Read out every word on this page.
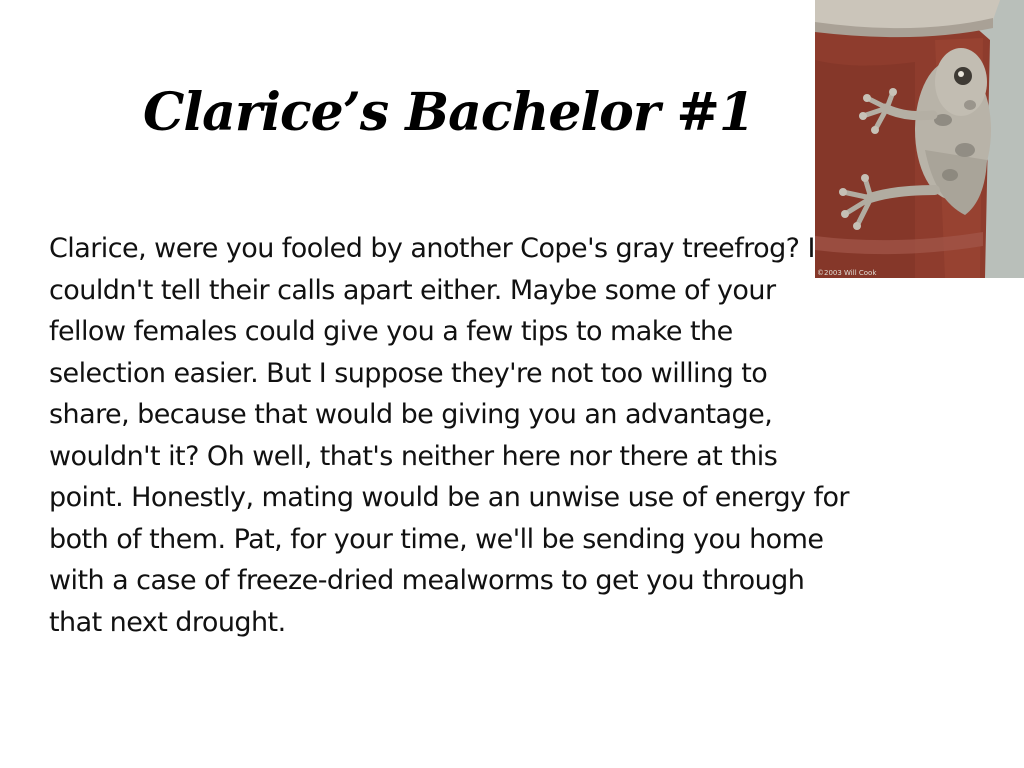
Clarice’s Bachelor #1
Clarice, were you fooled by another Cope's gray treefrog? I couldn't tell their calls apart either. Maybe some of your fellow females could give you a few tips to make the selection easier. But I suppose they're not too willing to share, because that would be giving you an advantage, wouldn't it? Oh well, that's neither here nor there at this point. Honestly, mating would be an unwise use of energy for both of them. Pat, for your time, we'll be sending you home with a case of freeze-dried mealworms to get you through that next drought.
©2003 Will Cook
